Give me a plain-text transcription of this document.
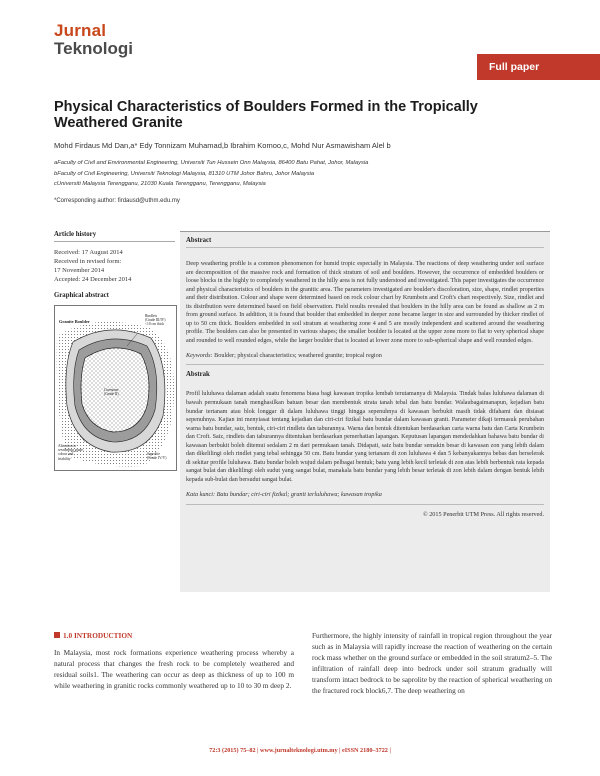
Jurnal
Teknologi
Full paper
Physical Characteristics of Boulders Formed in the Tropically Weathered Granite
Mohd Firdaus Md Dan,a* Edy Tonnizam Muhamad,b Ibrahim Komoo,c, Mohd Nur Asmawisham Alel b
aFaculty of Civil and Environmental Engineering, Universiti Tun Hussein Onn Malaysia, 86400 Batu Pahat, Johor, Malaysia
bFaculty of Civil Engineering, Universiti Teknologi Malaysia, 81310 UTM Johor Bahru, Johor Malaysia
cUniversiti Malaysia Terengganu, 21030 Kuala Terengganu, Terengganu, Malaysia
*Corresponding author: firdausd@uthm.edu.my
Article history
Received: 17 August 2014
Received in revised form:
17 November 2014
Accepted: 24 December 2014
Graphical abstract
Granite Boulder
Rindlets
(Grade III/IV)
<10 cm thick
Corestone
(Grade II)
Alteration to
weathering grade,
colour and
friability
Saprolite
(Grade IV/V)
Abstract

Deep weathering profile is a common phenomenon for humid tropic especially in Malaysia. The reactions of deep weathering under soil surface are decomposition of the massive rock and formation of thick stratum of soil and boulders. However, the occurrence of embedded boulders or loose blocks in the highly to completely weathered in the hilly area is not fully understood and investigated. This paper investigates the occurrence and physical characteristics of boulders in the granitic area. The parameters investigated are boulder's discoloration, size, shape, rindlet properties and their distribution. Colour and shape were determined based on rock colour chart by Krumbein and Croft's chart respectively. Size, rindlet and its distribution were determined based on field observation. Field results revealed that boulders in the hilly area can be found as shallow as 2 m from ground surface. In addition, it is found that boulder that embedded in deeper zone became larger in size and surrounded by thicker rindlet of up to 50 cm thick. Boulders embedded in soil stratum at weathering zone 4 and 5 are mostly independent and scattered around the weathering profile. The boulders can also be presented in various shapes; the smaller boulder is located at the upper zone more to flat to very spherical shape and rounded to well rounded edges, while the larger boulder that is located at lower zone more to sub-spherical shape and well rounded edges.

Keywords: Boulder; physical characteristics; weathered granite; tropical region
Abstrak

Profil luluhawa dalaman adalah suatu fenomena biasa bagi kawasan tropika lembab terutamanya di Malaysia. Tindak balas luluhawa dalaman di bawah permukaan tanah menghasilkan batuan besar dan membentuk strata tanah tebal dan batu bundar. Walaubagaimanapun, kejadian batu bundar tertanam atau blok longgar di dalam luluhawa tinggi hingga sepenuhnya di kawasan berbukit masih tidak difahami dan disiasat sepenuhnya. Kajian ini menyiasat tentang kejadian dan ciri-ciri fizikal batu bundar dalam kawasan granit. Parameter dikaji termasuk perubahan warna batu bundar, saiz, bentuk, ciri-ciri rindlets dan taburannya. Warna dan bentuk ditentukan berdasarkan carta warna batu dan Carta Krumbein dan Croft. Saiz, rindlets dan taburannya ditentukan berdasarkan pemerhatian lapangan. Keputusan lapangan mendedahkan bahawa batu bundar di kawasan berbukit boleh ditemui sedalam 2 m dari permukaan tanah. Didapati, saiz batu bundar semakin besar di kawasan zon yang lebih dalam dan dikelilingi oleh rindlet yang tebal sehingga 50 cm. Batu bundar yang tertanam di zon luluhawa 4 dan 5 kebanyakannya bebas dan berselerak di sekitar profile luluhawa. Batu bundar boleh wujud dalam pelbagai bentuk; batu yang lebih kecil terletak di zon atas lebih berbentuk rata kepada sangat bulat dan dikelilingi oleh sudut yang sangat bulat, manakala batu bundar yang lebih besar terletak di zon lebih dalam dengan bentuk lebih kepada sub-bulat dan bersudut sangat bulat.

Kata kunci: Batu bundar; ciri-ciri fizikal; granit terluluhawa; kawasan tropika
© 2015 Penerbit UTM Press. All rights reserved.
1.0 INTRODUCTION

In Malaysia, most rock formations experience weathering process whereby a natural process that changes the fresh rock to be completely weathered and residual soils1. The weathering can occur as deep as thickness of up to 100 m while weathering in granitic rocks commonly weathered up to 10 to 30 m deep 2.

Furthermore, the highly intensity of rainfall in tropical region throughout the year such as in Malaysia will rapidly increase the reaction of weathering on the certain rock mass whether on the ground surface or embedded in the soil stratum2–5. The infiltration of rainfall deep into bedrock under soil stratum gradually will transform intact bedrock to be saprolite by the reaction of spherical weathering on the fractured rock block6,7. The deep weathering on

72:3 (2015) 75–82 | www.jurnalteknologi.utm.my | eISSN 2180–3722 |
